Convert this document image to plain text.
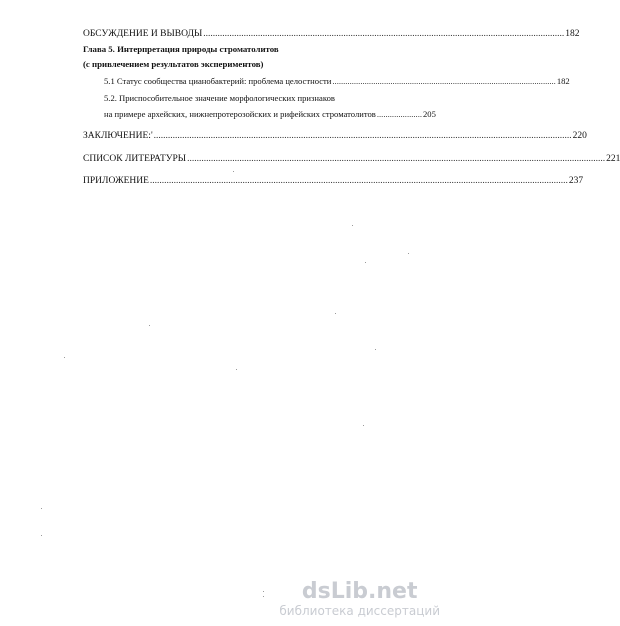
ОБСУЖДЕНИЕ И ВЫВОДЫ ........................................................................................................................................................ 182
Глава 5. Интерпретация природы строматолитов
(с привлечением результатов экспериментов)
5.1 Статус сообщества цианобактерий: проблема целостности ........................................................................................................ 182
5.2. Приспособительное значение морфологических признаков
на примере архейских, нижнепротерозойских и рифейских строматолитов ..................... 205
ЗАКЛЮЧЕНИЕ:' ................................................................................................................................................................................ 220
СПИСОК ЛИТЕРАТУРЫ ................................................................................................................................................................................ 221
ПРИЛОЖЕНИЕ ................................................................................................................................................................................ 237
dsLib.net
библиотека диссертаций
